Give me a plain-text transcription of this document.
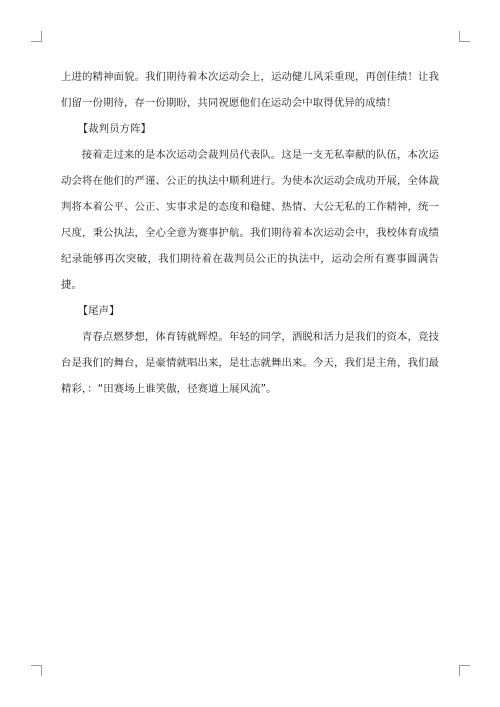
上进的精神面貌。我们期待着本次运动会上，运动健儿风采重现，再创佳绩！让我们留一份期待，存一份期盼，共同祝愿他们在运动会中取得优异的成绩！

【裁判员方阵】

接着走过来的是本次运动会裁判员代表队。这是一支无私奉献的队伍，本次运动会将在他们的严谨、公正的执法中顺利进行。为使本次运动会成功开展，全体裁判将本着公平、公正、实事求是的态度和稳健、热情、大公无私的工作精神，统一尺度，秉公执法，全心全意为赛事护航。我们期待着本次运动会中，我校体育成绩纪录能够再次突破，我们期待着在裁判员公正的执法中，运动会所有赛事圆满告捷。

【尾声】

青春点燃梦想，体育铸就辉煌。年轻的同学，洒脱和活力是我们的资本，竞技台是我们的舞台，是豪情就唱出来，是壮志就舞出来。今天，我们是主角，我们最精彩，：“田赛场上谁笑傲，径赛道上展风流”。
